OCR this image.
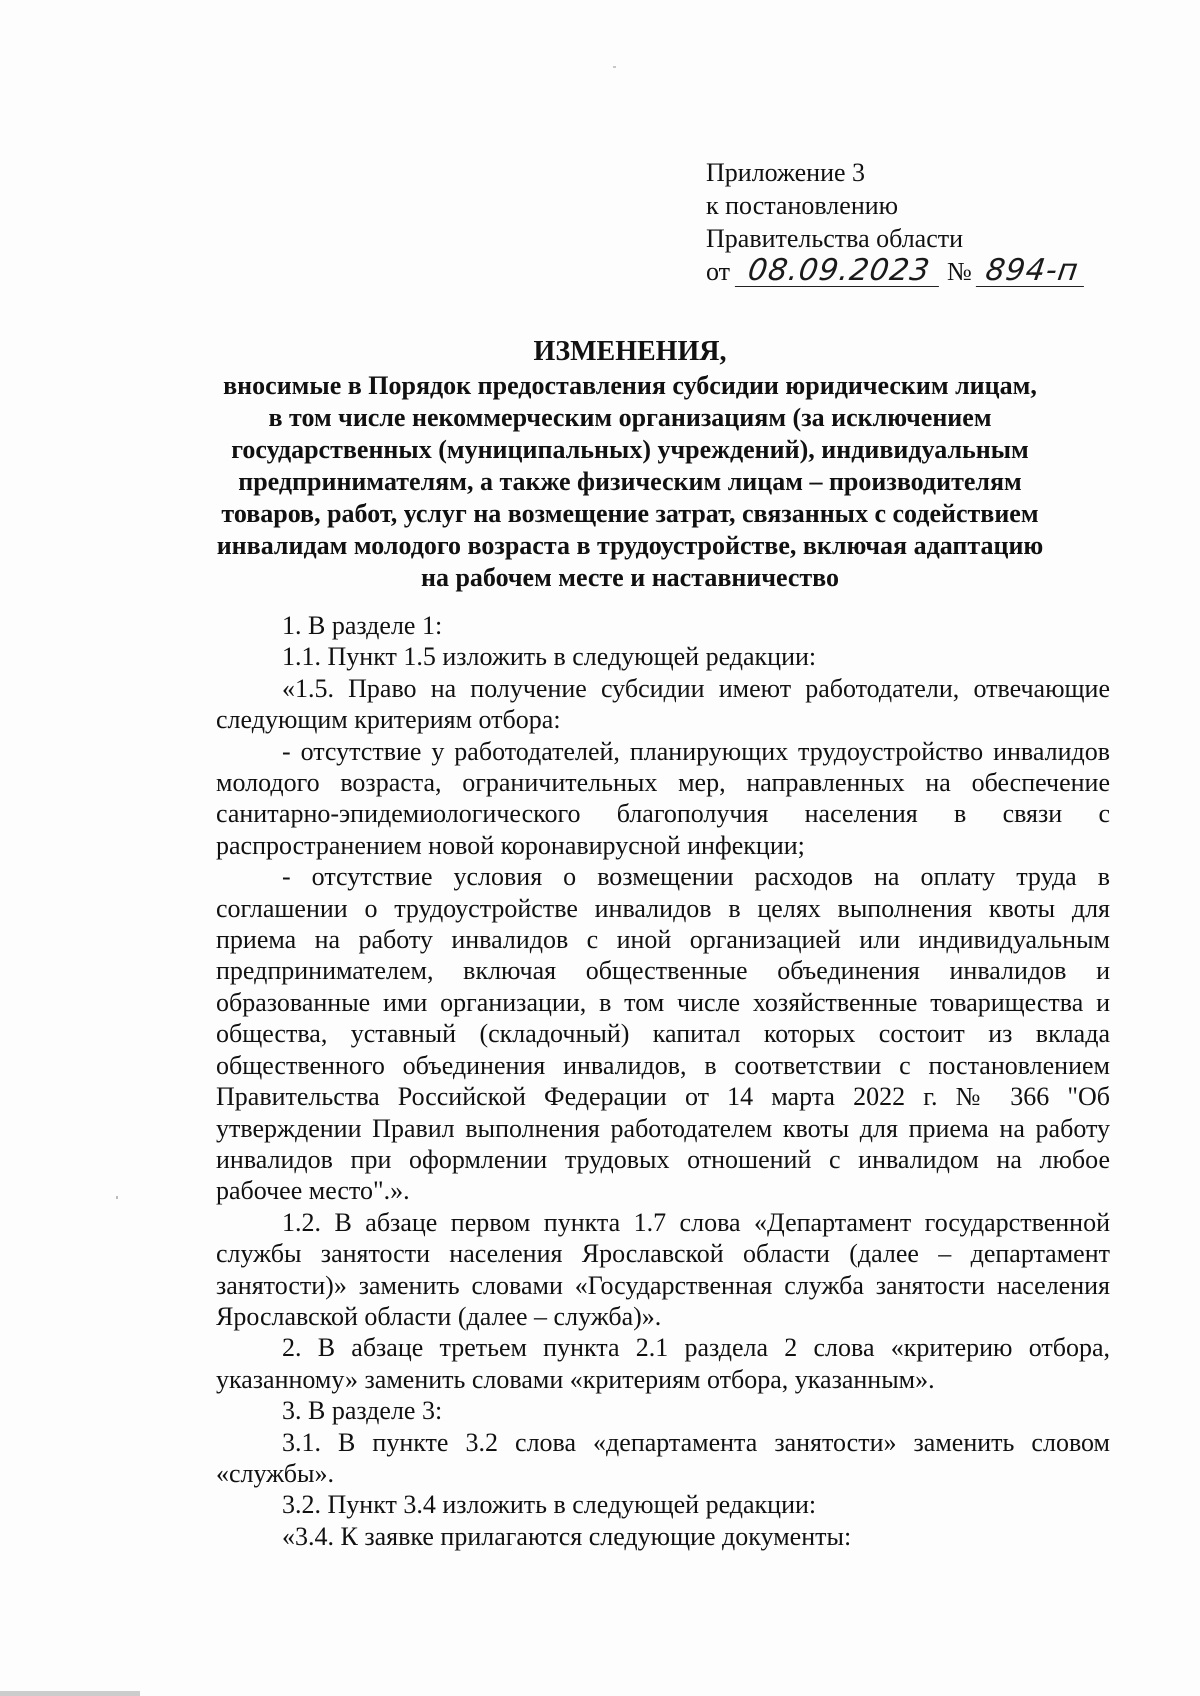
Приложение 3
к постановлению
Правительства области
от 08.09.2023 № 894-п
ИЗМЕНЕНИЯ,
вносимые в Порядок предоставления субсидии юридическим лицам,
в том числе некоммерческим организациям (за исключением
государственных (муниципальных) учреждений), индивидуальным
предпринимателям, а также физическим лицам – производителям
товаров, работ, услуг на возмещение затрат, связанных с содействием
инвалидам молодого возраста в трудоустройстве, включая адаптацию
на рабочем месте и наставничество

1. В разделе 1:

1.1. Пункт 1.5 изложить в следующей редакции:

«1.5. Право на получение субсидии имеют работодатели, отвечающие следующим критериям отбора:

- отсутствие у работодателей, планирующих трудоустройство инвалидов молодого возраста, ограничительных мер, направленных на обеспечение санитарно-эпидемиологического благополучия населения в связи с распространением новой коронавирусной инфекции;

- отсутствие условия о возмещении расходов на оплату труда в соглашении о трудоустройстве инвалидов в целях выполнения квоты для приема на работу инвалидов с иной организацией или индивидуальным предпринимателем, включая общественные объединения инвалидов и образованные ими организации, в том числе хозяйственные товарищества и общества, уставный (складочный) капитал которых состоит из вклада общественного объединения инвалидов, в соответствии с постановлением Правительства Российской Федерации от 14 марта 2022 г. № 366 "Об утверждении Правил выполнения работодателем квоты для приема на работу инвалидов при оформлении трудовых отношений с инвалидом на любое рабочее место".».

1.2. В абзаце первом пункта 1.7 слова «Департамент государственной службы занятости населения Ярославской области (далее – департамент занятости)» заменить словами «Государственная служба занятости населения Ярославской области (далее – служба)».

2. В абзаце третьем пункта 2.1 раздела 2 слова «критерию отбора, указанному» заменить словами «критериям отбора, указанным».

3. В разделе 3:

3.1. В пункте 3.2 слова «департамента занятости» заменить словом «службы».

3.2. Пункт 3.4 изложить в следующей редакции:

«3.4. К заявке прилагаются следующие документы:
